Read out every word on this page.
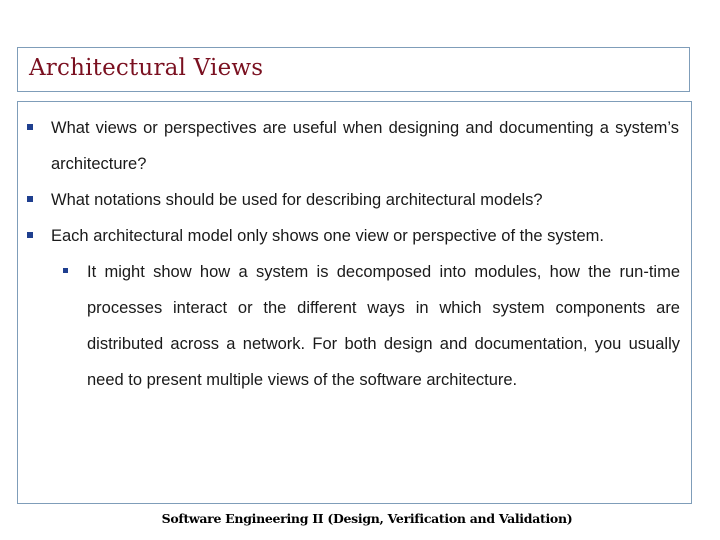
Architectural Views
What views or perspectives are useful when designing and documenting a system’s architecture?
What notations should be used for describing architectural models?
Each architectural model only shows one view or perspective of the system.
It might show how a system is decomposed into modules, how the run-time processes interact or the different ways in which system components are distributed across a network. For both design and documentation, you usually need to present multiple views of the software architecture.
Software Engineering II (Design, Verification and Validation)
